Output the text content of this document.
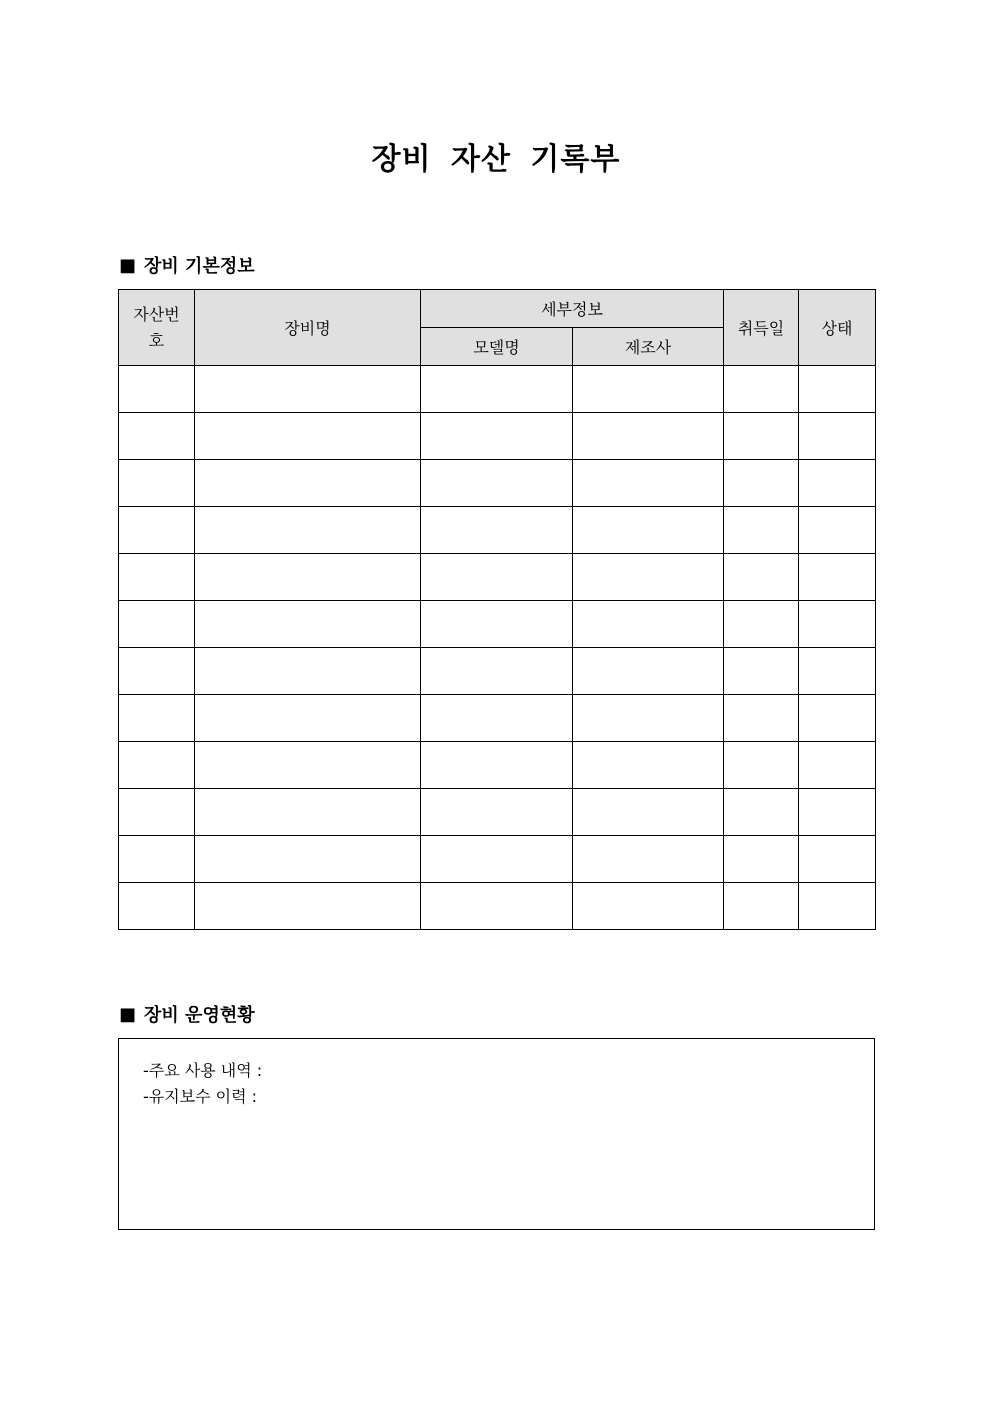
장비 자산 기록부
■ 장비 기본정보
자산번
호	장비명	세부정보		취득일	상태
		모델명	제조사		

■ 장비 운영현황
-주요 사용 내역 :
-유지보수 이력 :
